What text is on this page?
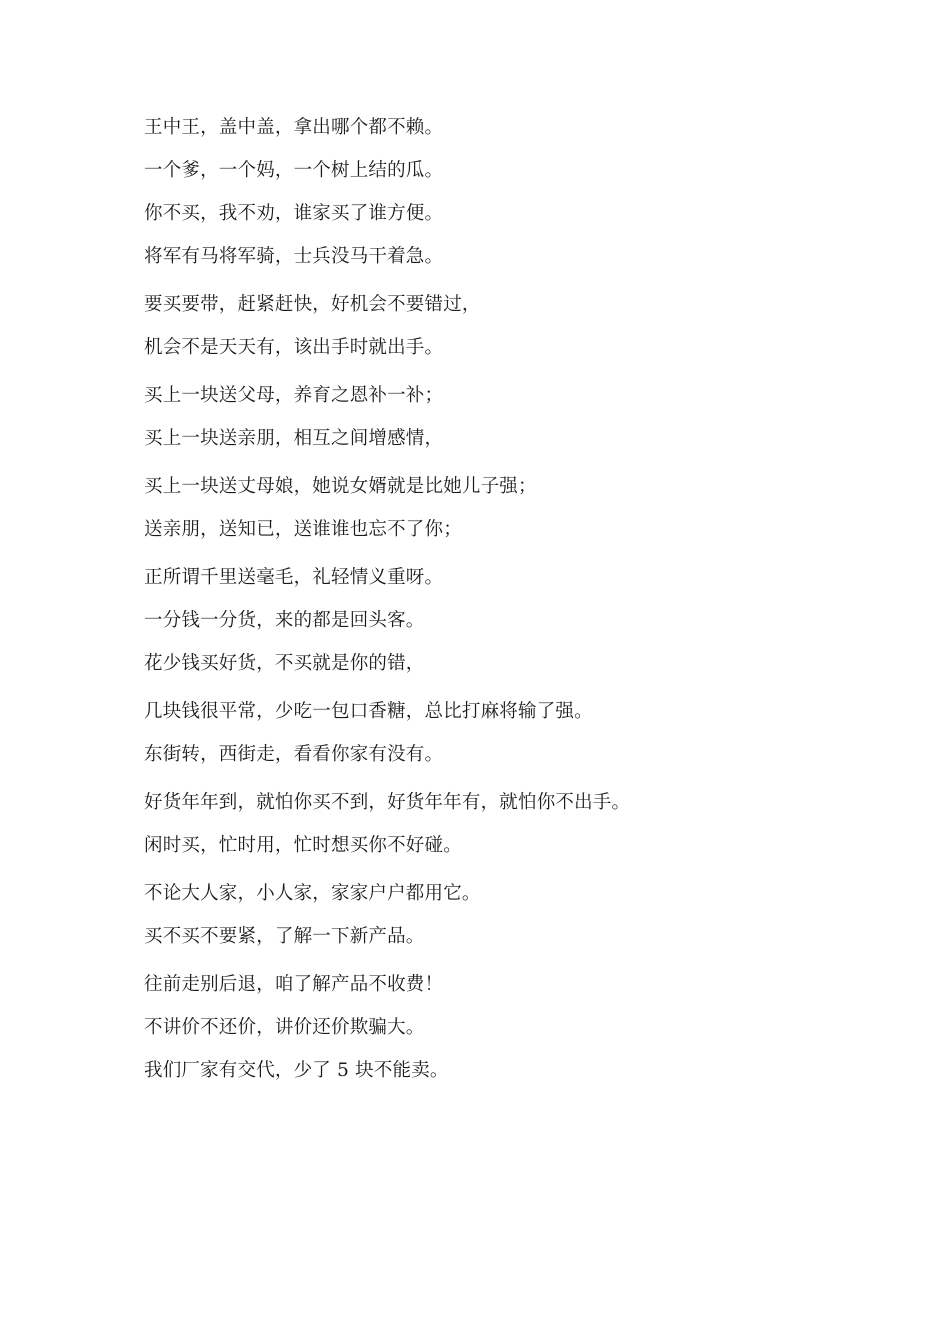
王中王，盖中盖，拿出哪个都不赖。
一个爹，一个妈，一个树上结的瓜。
你不买，我不劝，谁家买了谁方便。
将军有马将军骑，士兵没马干着急。
要买要带，赶紧赶快，好机会不要错过，
机会不是天天有，该出手时就出手。
买上一块送父母，养育之恩补一补；
买上一块送亲朋，相互之间增感情，
买上一块送丈母娘，她说女婿就是比她儿子强；
送亲朋，送知已，送谁谁也忘不了你；
正所谓千里送毫毛，礼轻情义重呀。
一分钱一分货，来的都是回头客。
花少钱买好货，不买就是你的错，
几块钱很平常，少吃一包口香糖，总比打麻将输了强。
东街转，西街走，看看你家有没有。
好货年年到，就怕你买不到，好货年年有，就怕你不出手。
闲时买，忙时用，忙时想买你不好碰。
不论大人家，小人家，家家户户都用它。
买不买不要紧，了解一下新产品。
往前走别后退，咱了解产品不收费！
不讲价不还价，讲价还价欺骗大。
我们厂家有交代，少了 5 块不能卖。
